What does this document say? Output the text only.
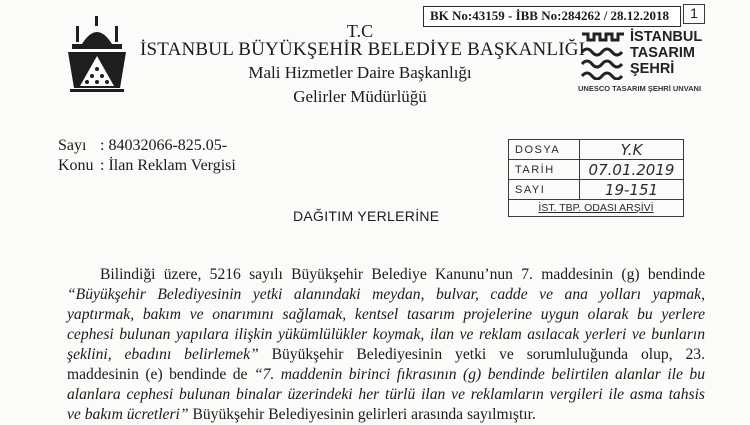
T.C
İSTANBUL BÜYÜKŞEHİR BELEDİYE BAŞKANLIĞI
Mali Hizmetler Daire Başkanlığı
Gelirler Müdürlüğü
BK No:43159 - İBB No:284262 / 28.12.2018	1
İSTANBUL
TASARIM
ŞEHRİ
UNESCO TASARIM ŞEHRİ UNVANI
Sayı : 84032066-825.05-
Konu : İlan Reklam Vergisi
DOSYA	Y.K
TARİH	07.01.2019
SAYI	19-151
İST. TBP. ODASI ARŞİVİ	
DAĞITIM YERLERİNE
Bilindiği üzere, 5216 sayılı Büyükşehir Belediye Kanunu’nun 7. maddesinin (g) bendinde
“Büyükşehir Belediyesinin yetki alanındaki meydan, bulvar, cadde ve ana yolları yapmak,
yaptırmak, bakım ve onarımını sağlamak, kentsel tasarım projelerine uygun olarak bu yerlere
cephesi bulunan yapılara ilişkin yükümlülükler koymak, ilan ve reklam asılacak yerleri ve bunların
şeklini, ebadını belirlemek” Büyükşehir Belediyesinin yetki ve sorumluluğunda olup, 23.
maddesinin (e) bendinde de “7. maddenin birinci fıkrasının (g) bendinde belirtilen alanlar ile bu
alanlara cephesi bulunan binalar üzerindeki her türlü ilan ve reklamların vergileri ile asma tahsis
ve bakım ücretleri” Büyükşehir Belediyesinin gelirleri arasında sayılmıştır.
